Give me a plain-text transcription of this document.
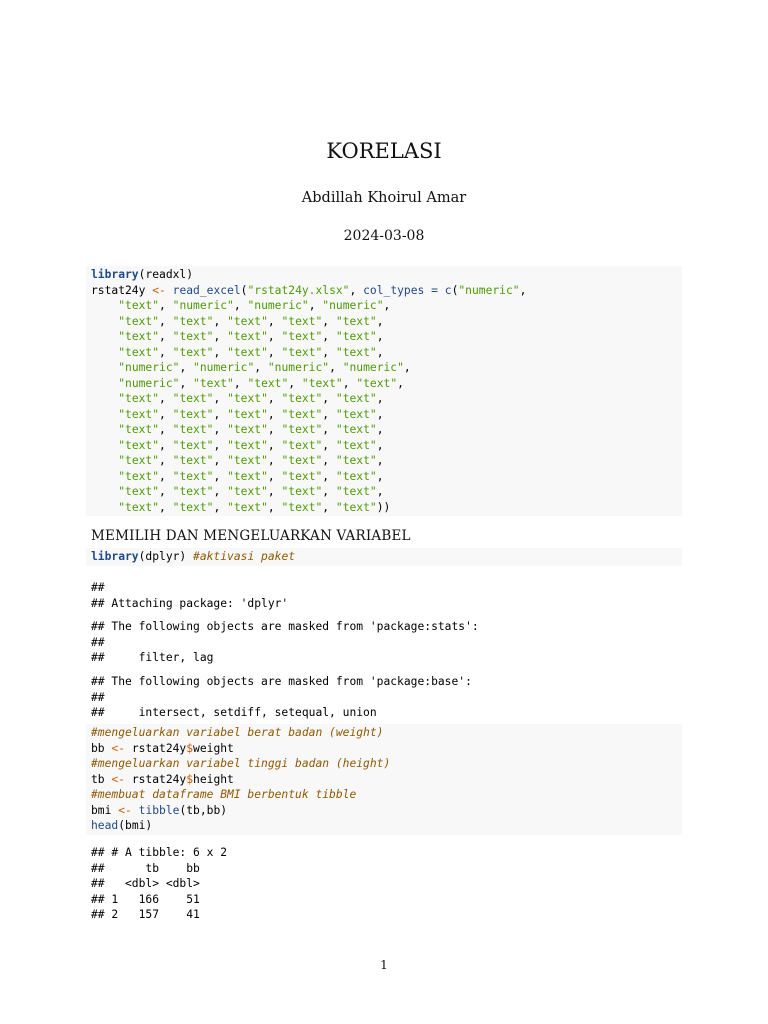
KORELASI
Abdillah Khoirul Amar
2024-03-08
library(readxl)
rstat24y <- read_excel("rstat24y.xlsx", col_types = c("numeric",
"text", "numeric", "numeric", "numeric",
"text", "text", "text", "text", "text",
"text", "text", "text", "text", "text",
"text", "text", "text", "text", "text",
"numeric", "numeric", "numeric", "numeric",
"numeric", "text", "text", "text", "text",
"text", "text", "text", "text", "text",
"text", "text", "text", "text", "text",
"text", "text", "text", "text", "text",
"text", "text", "text", "text", "text",
"text", "text", "text", "text", "text",
"text", "text", "text", "text", "text",
"text", "text", "text", "text", "text",
"text", "text", "text", "text", "text"))
MEMILIH DAN MENGELUARKAN VARIABEL
library(dplyr) #aktivasi paket
##
## Attaching package: 'dplyr'
## The following objects are masked from 'package:stats':
##
##     filter, lag
## The following objects are masked from 'package:base':
##
##     intersect, setdiff, setequal, union
#mengeluarkan variabel berat badan (weight)
bb <- rstat24y$weight
#mengeluarkan variabel tinggi badan (height)
tb <- rstat24y$height
#membuat dataframe BMI berbentuk tibble
bmi <- tibble(tb,bb)
head(bmi)
## # A tibble: 6 x 2
##      tb    bb
##   <dbl> <dbl>
## 1   166    51
## 2   157    41
1
